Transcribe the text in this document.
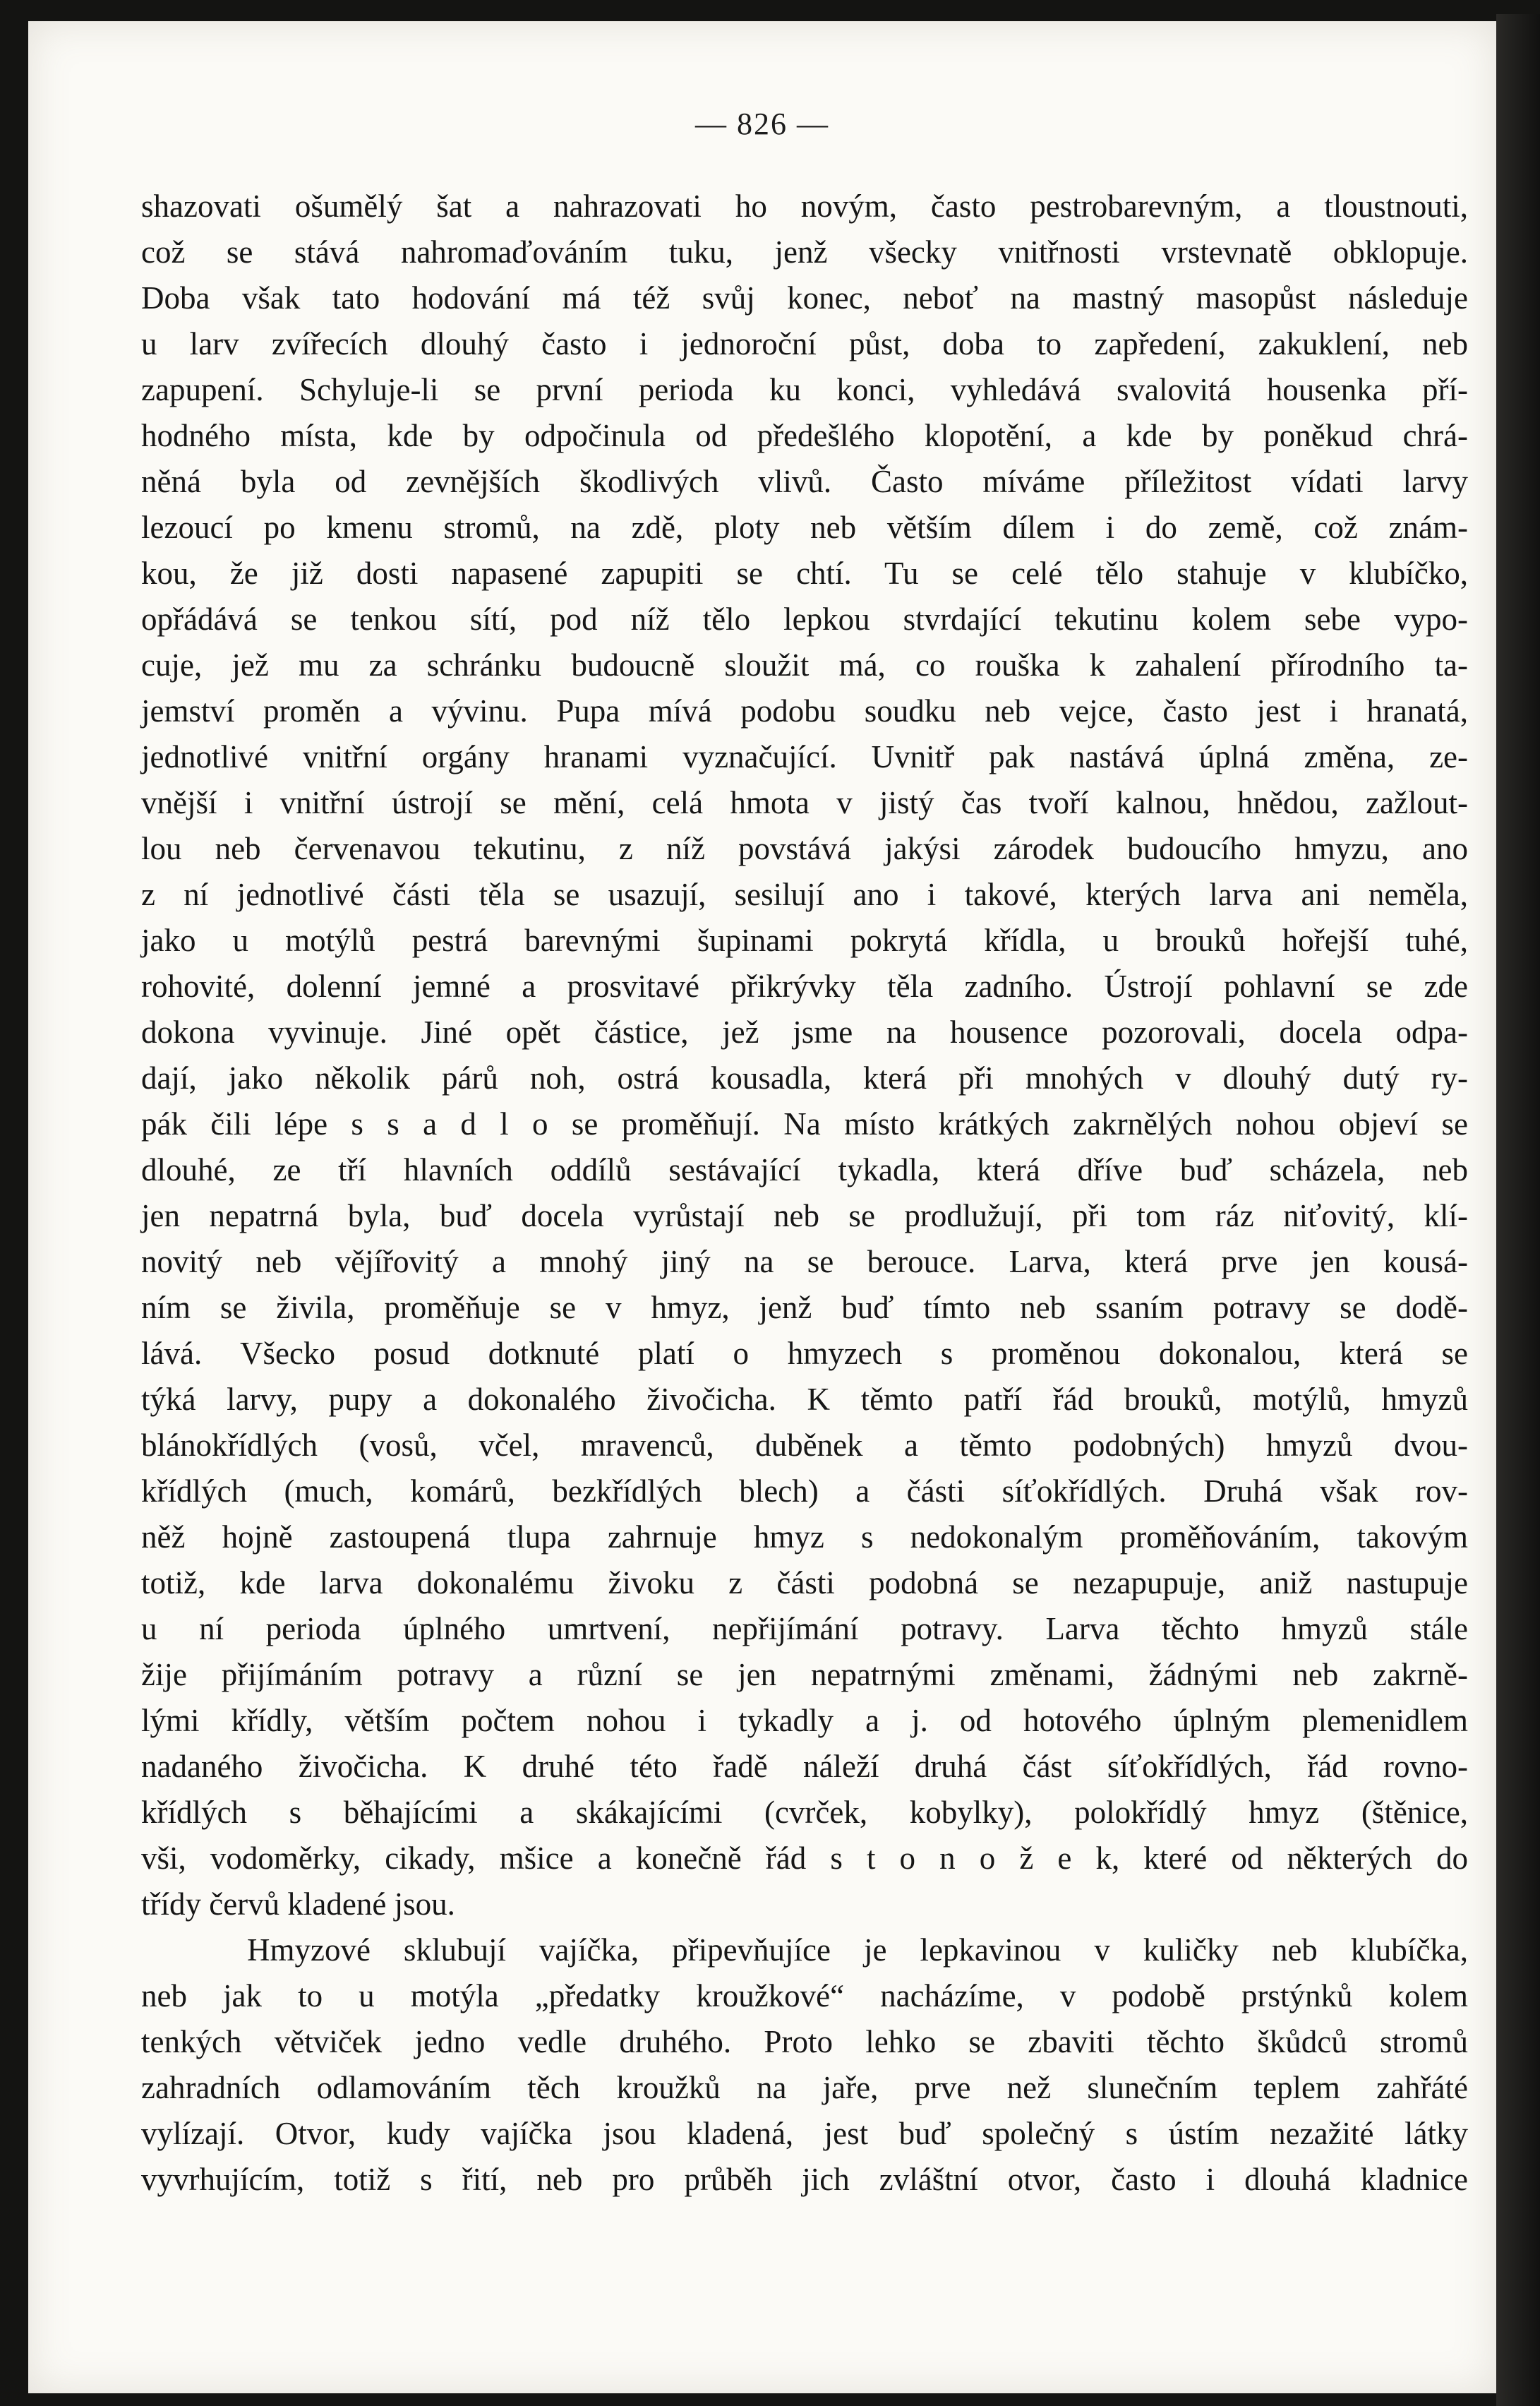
— 826 —
shazovati ošumělý šat a nahrazovati ho novým, často pestrobarevným, a tloustnouti,
což se stává nahromaďováním tuku, jenž všecky vnitřnosti vrstevnatě obklopuje.
Doba však tato hodování má též svůj konec, neboť na mastný masopůst následuje
u larv zvířecích dlouhý často i jednoroční půst, doba to zapředení, zakuklení, neb
zapupení. Schyluje-li se první perioda ku konci, vyhledává svalovitá housenka pří-
hodného místa, kde by odpočinula od předešlého klopotění, a kde by poněkud chrá-
něná byla od zevnějších škodlivých vlivů. Často míváme příležitost vídati larvy
lezoucí po kmenu stromů, na zdě, ploty neb větším dílem i do země, což znám-
kou, že již dosti napasené zapupiti se chtí. Tu se celé tělo stahuje v klubíčko,
opřádává se tenkou sítí, pod níž tělo lepkou stvrdající tekutinu kolem sebe vypo-
cuje, jež mu za schránku budoucně sloužit má, co rouška k zahalení přírodního ta-
jemství proměn a vývinu. Pupa mívá podobu soudku neb vejce, často jest i hranatá,
jednotlivé vnitřní orgány hranami vyznačující. Uvnitř pak nastává úplná změna, ze-
vnější i vnitřní ústrojí se mění, celá hmota v jistý čas tvoří kalnou, hnědou, zažlout-
lou neb červenavou tekutinu, z níž povstává jakýsi zárodek budoucího hmyzu, ano
z ní jednotlivé části těla se usazují, sesilují ano i takové, kterých larva ani neměla,
jako u motýlů pestrá barevnými šupinami pokrytá křídla, u brouků hořejší tuhé,
rohovité, dolenní jemné a prosvitavé přikrývky těla zadního. Ústrojí pohlavní se zde
dokona vyvinuje. Jiné opět částice, jež jsme na housence pozorovali, docela odpa-
dají, jako několik párů noh, ostrá kousadla, která při mnohých v dlouhý dutý ry-
pák čili lépe s s a d l o se proměňují. Na místo krátkých zakrnělých nohou objeví se
dlouhé, ze tří hlavních oddílů sestávající tykadla, která dříve buď scházela, neb
jen nepatrná byla, buď docela vyrůstají neb se prodlužují, při tom ráz niťovitý, klí-
novitý neb vějířovitý a mnohý jiný na se berouce. Larva, která prve jen kousá-
ním se živila, proměňuje se v hmyz, jenž buď tímto neb ssaním potravy se dodě-
lává. Všecko posud dotknuté platí o hmyzech s proměnou dokonalou, která se
týká larvy, pupy a dokonalého živočicha. K těmto patří řád brouků, motýlů, hmyzů
blánokřídlých (vosů, včel, mravenců, duběnek a těmto podobných) hmyzů dvou-
křídlých (much, komárů, bezkřídlých blech) a části síťokřídlých. Druhá však rov-
něž hojně zastoupená tlupa zahrnuje hmyz s nedokonalým proměňováním, takovým
totiž, kde larva dokonalému živoku z části podobná se nezapupuje, aniž nastupuje
u ní perioda úplného umrtvení, nepřijímání potravy. Larva těchto hmyzů stále
žije přijímáním potravy a různí se jen nepatrnými změnami, žádnými neb zakrně-
lými křídly, větším počtem nohou i tykadly a j. od hotového úplným plemenidlem
nadaného živočicha. K druhé této řadě náleží druhá část síťokřídlých, řád rovno-
křídlých s běhajícími a skákajícími (cvrček, kobylky), polokřídlý hmyz (štěnice,
vši, vodoměrky, cikady, mšice a konečně řád s t o n o ž e k, které od některých do
třídy červů kladené jsou.
Hmyzové sklubují vajíčka, připevňujíce je lepkavinou v kuličky neb klubíčka,
neb jak to u motýla „předatky kroužkové“ nacházíme, v podobě prstýnků kolem
tenkých větviček jedno vedle druhého. Proto lehko se zbaviti těchto škůdců stromů
zahradních odlamováním těch kroužků na jaře, prve než slunečním teplem zahřáté
vylízají. Otvor, kudy vajíčka jsou kladená, jest buď společný s ústím nezažité látky
vyvrhujícím, totiž s řití, neb pro průběh jich zvláštní otvor, často i dlouhá kladnice
